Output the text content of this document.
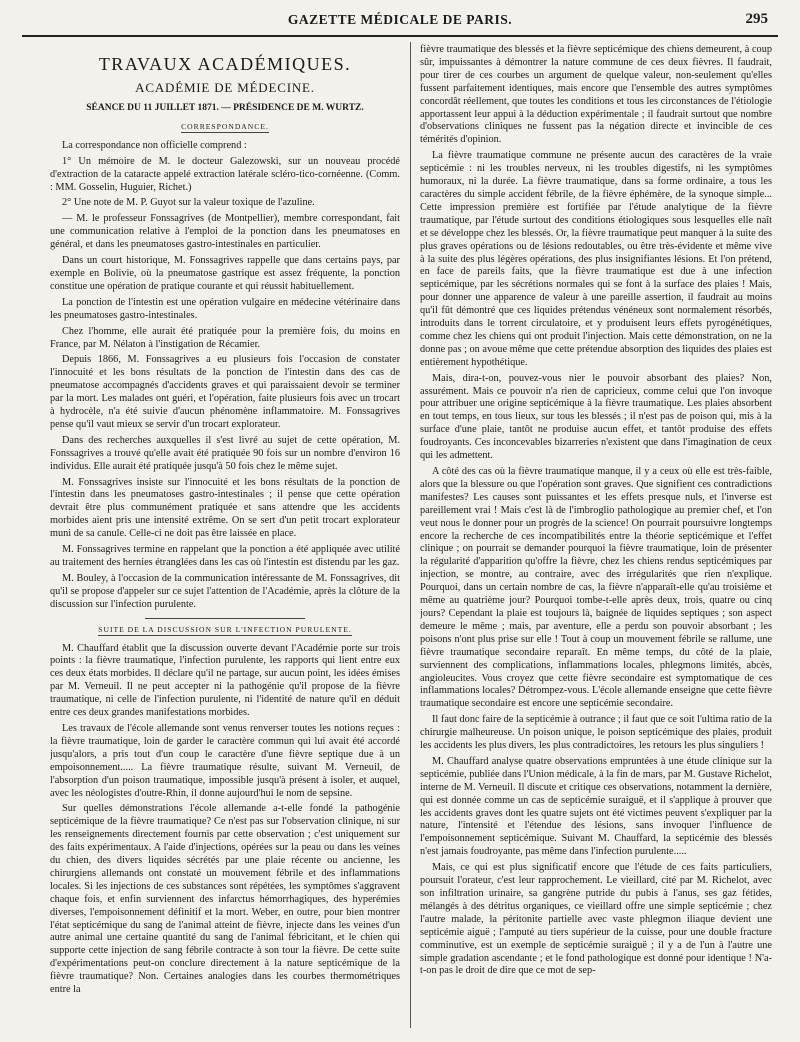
GAZETTE MÉDICALE DE PARIS.	295
TRAVAUX ACADÉMIQUES.
ACADÉMIE DE MÉDECINE.
SÉANCE DU 11 JUILLET 1871. — PRÉSIDENCE DE M. WURTZ.
CORRESPONDANCE.

La correspondance non officielle comprend :

1° Un mémoire de M. le docteur Galezowski, sur un nouveau procédé d'extraction de la cataracte appelé extraction latérale scléro-tico-cornéenne. (Comm. : MM. Gosselin, Huguier, Richet.)

2° Une note de M. P. Guyot sur la valeur toxique de l'azuline.

— M. le professeur Fonssagrives (de Montpellier), membre correspondant, fait une communication relative à l'emploi de la ponction dans les pneumatoses en général, et dans les pneumatoses gastro-intestinales en particulier.

Dans un court historique, M. Fonssagrives rappelle que dans certains pays, par exemple en Bolivie, où la pneumatose gastrique est assez fréquente, la ponction constitue une opération de pratique courante et qui réussit habituellement.

La ponction de l'intestin est une opération vulgaire en médecine vétérinaire dans les pneumatoses gastro-intestinales.

Chez l'homme, elle aurait été pratiquée pour la première fois, du moins en France, par M. Nélaton à l'instigation de Récamier.

Depuis 1866, M. Fonssagrives a eu plusieurs fois l'occasion de constater l'innocuité et les bons résultats de la ponction de l'intestin dans des cas de pneumatose accompagnés d'accidents graves et qui paraissaient devoir se terminer par la mort. Les malades ont guéri, et l'opération, faite plusieurs fois avec un trocart à hydrocèle, n'a été suivie d'aucun phénomène inflammatoire. M. Fonssagrives pense qu'il vaut mieux se servir d'un trocart explorateur.

Dans des recherches auxquelles il s'est livré au sujet de cette opération, M. Fonssagrives a trouvé qu'elle avait été pratiquée 90 fois sur un nombre d'environ 16 individus. Elle aurait été pratiquée jusqu'à 50 fois chez le même sujet.

M. Fonssagrives insiste sur l'innocuité et les bons résultats de la ponction de l'intestin dans les pneumatoses gastro-intestinales ; il pense que cette opération devrait être plus communément pratiquée et sans attendre que les accidents morbides aient pris une intensité extrême. On se sert d'un petit trocart explorateur muni de sa canule. Celle-ci ne doit pas être laissée en place.

M. Fonssagrives termine en rappelant que la ponction a été appliquée avec utilité au traitement des hernies étranglées dans les cas où l'intestin est distendu par les gaz.

M. Bouley, à l'occasion de la communication intéressante de M. Fonssagrives, dit qu'il se propose d'appeler sur ce sujet l'attention de l'Académie, après la clôture de la discussion sur l'infection purulente.

SUITE DE LA DISCUSSION SUR L'INFECTION PURULENTE.

M. Chauffard établit que la discussion ouverte devant l'Académie porte sur trois points : la fièvre traumatique, l'infection purulente, les rapports qui lient entre eux ces deux états morbides. Il déclare qu'il ne partage, sur aucun point, les idées émises par M. Verneuil. Il ne peut accepter ni la pathogénie qu'il propose de la fièvre traumatique, ni celle de l'infection purulente, ni l'identité de nature qu'il en déduit entre ces deux grandes manifestations morbides.

Les travaux de l'école allemande sont venus renverser toutes les notions reçues : la fièvre traumatique, loin de garder le caractère commun qui lui avait été accordé jusqu'alors, a pris tout d'un coup le caractère d'une fièvre septique due à un empoisonnement..... La fièvre traumatique résulte, suivant M. Verneuil, de l'absorption d'un poison traumatique, impossible jusqu'à présent à isoler, et auquel, avec les néologistes d'outre-Rhin, il donne aujourd'hui le nom de sepsine.

Sur quelles démonstrations l'école allemande a-t-elle fondé la pathogénie septicémique de la fièvre traumatique? Ce n'est pas sur l'observation clinique, ni sur les renseignements directement fournis par cette observation ; c'est uniquement sur des faits expérimentaux. A l'aide d'injections, opérées sur la peau ou dans les veines du chien, des divers liquides sécrétés par une plaie récente ou ancienne, les chirurgiens allemands ont constaté un mouvement fébrile et des inflammations locales. Si les injections de ces substances sont répétées, les symptômes s'aggravent chaque fois, et enfin surviennent des infarctus hémorrhagiques, des hyperémies diverses, l'empoisonnement définitif et la mort. Weber, en outre, pour bien montrer l'état septicémique du sang de l'animal atteint de fièvre, injecte dans les veines d'un autre animal une certaine quantité du sang de l'animal fébricitant, et le chien qui supporte cette injection de sang fébrile contracte à son tour la fièvre. De cette suite d'expérimentations peut-on conclure directement à la nature septicémique de la fièvre traumatique? Non. Certaines analogies dans les courbes thermométriques entre la

fièvre traumatique des blessés et la fièvre septicémique des chiens demeurent, à coup sûr, impuissantes à démontrer la nature commune de ces deux fièvres. Il faudrait, pour tirer de ces courbes un argument de quelque valeur, non-seulement qu'elles fussent parfaitement identiques, mais encore que l'ensemble des autres symptômes concordât réellement, que toutes les conditions et tous les circonstances de l'étiologie apportassent leur appui à la déduction expérimentale ; il faudrait surtout que nombre d'observations cliniques ne fussent pas la négation directe et invincible de ces témérités d'opinion.

La fièvre traumatique commune ne présente aucun des caractères de la vraie septicémie : ni les troubles nerveux, ni les troubles digestifs, ni les symptômes humoraux, ni la durée. La fièvre traumatique, dans sa forme ordinaire, a tous les caractères du simple accident fébrile, de la fièvre éphémère, de la synoque simple... Cette impression première est fortifiée par l'étude analytique de la fièvre traumatique, par l'étude surtout des conditions étiologiques sous lesquelles elle naît et se développe chez les blessés. Or, la fièvre traumatique peut manquer à la suite des plus graves opérations ou de lésions redoutables, ou être très-évidente et même vive à la suite des plus légères opérations, des plus insignifiantes lésions. Et l'on prétend, en face de pareils faits, que la fièvre traumatique est due à une infection septicémique, par les sécrétions normales qui se font à la surface des plaies ! Mais, pour donner une apparence de valeur à une pareille assertion, il faudrait au moins qu'il fût démontré que ces liquides prétendus vénéneux sont normalement résorbés, introduits dans le torrent circulatoire, et y produisent leurs effets pyrogénétiques, comme chez les chiens qui ont produit l'injection. Mais cette démonstration, on ne la donne pas ; on avoue même que cette prétendue absorption des liquides des plaies est entièrement hypothétique.

Mais, dira-t-on, pouvez-vous nier le pouvoir absorbant des plaies? Non, assurément. Mais ce pouvoir n'a rien de capricieux, comme celui que l'on invoque pour attribuer une origine septicémique à la fièvre traumatique. Les plaies absorbent en tout temps, en tous lieux, sur tous les blessés ; il n'est pas de poison qui, mis à la surface d'une plaie, tantôt ne produise aucun effet, et tantôt produise des effets foudroyants. Ces inconcevables bizarreries n'existent que dans l'imagination de ceux qui les admettent.

A côté des cas où la fièvre traumatique manque, il y a ceux où elle est très-faible, alors que la blessure ou que l'opération sont graves. Que signifient ces contradictions manifestes? Les causes sont puissantes et les effets presque nuls, et l'inverse est pareillement vrai ! Mais c'est là de l'imbroglio pathologique au premier chef, et l'on veut nous le donner pour un progrès de la science! On pourrait poursuivre longtemps encore la recherche de ces incompatibilités entre la théorie septicémique et l'effet clinique ; on pourrait se demander pourquoi la fièvre traumatique, loin de présenter la régularité d'apparition qu'offre la fièvre, chez les chiens rendus septicémiques par injection, se montre, au contraire, avec des irrégularités que rien n'explique. Pourquoi, dans un certain nombre de cas, la fièvre n'apparaît-elle qu'au troisième et même au quatrième jour? Pourquoi tombe-t-elle après deux, trois, quatre ou cinq jours? Cependant la plaie est toujours là, baignée de liquides septiques ; son aspect demeure le même ; mais, par aventure, elle a perdu son pouvoir absorbant ; les poisons n'ont plus prise sur elle ! Tout à coup un mouvement fébrile se rallume, une fièvre traumatique secondaire reparaît. En même temps, du côté de la plaie, surviennent des complications, inflammations locales, phlegmons limités, abcès, angioleucites. Vous croyez que cette fièvre secondaire est symptomatique de ces inflammations locales? Détrompez-vous. L'école allemande enseigne que cette fièvre traumatique secondaire est encore une septicémie secondaire.

Il faut donc faire de la septicémie à outrance ; il faut que ce soit l'ultima ratio de la chirurgie malheureuse. Un poison unique, le poison septicémique des plaies, produit les accidents les plus divers, les plus contradictoires, les retours les plus singuliers !

M. Chauffard analyse quatre observations empruntées à une étude clinique sur la septicémie, publiée dans l'Union médicale, à la fin de mars, par M. Gustave Richelot, interne de M. Verneuil. Il discute et critique ces observations, notamment la dernière, qui est donnée comme un cas de septicémie suraiguë, et il s'applique à prouver que les accidents graves dont les quatre sujets ont été victimes peuvent s'expliquer par la nature, l'intensité et l'étendue des lésions, sans invoquer l'influence de l'empoisonnement septicémique. Suivant M. Chauffard, la septicémie des blessés n'est jamais foudroyante, pas même dans l'infection purulente.....

Mais, ce qui est plus significatif encore que l'étude de ces faits particuliers, poursuit l'orateur, c'est leur rapprochement. Le vieillard, cité par M. Richelot, avec son infiltration urinaire, sa gangrène putride du pubis à l'anus, ses gaz fétides, mélangés à des détritus organiques, ce vieillard offre une simple septicémie ; chez l'autre malade, la péritonite partielle avec vaste phlegmon iliaque devient une septicémie aiguë ; l'amputé au tiers supérieur de la cuisse, pour une double fracture comminutive, est un exemple de septicémie suraiguë ; il y a de l'un à l'autre une simple gradation ascendante ; et le fond pathologique est donné pour identique ! N'a-t-on pas le droit de dire que ce mot de sep-
